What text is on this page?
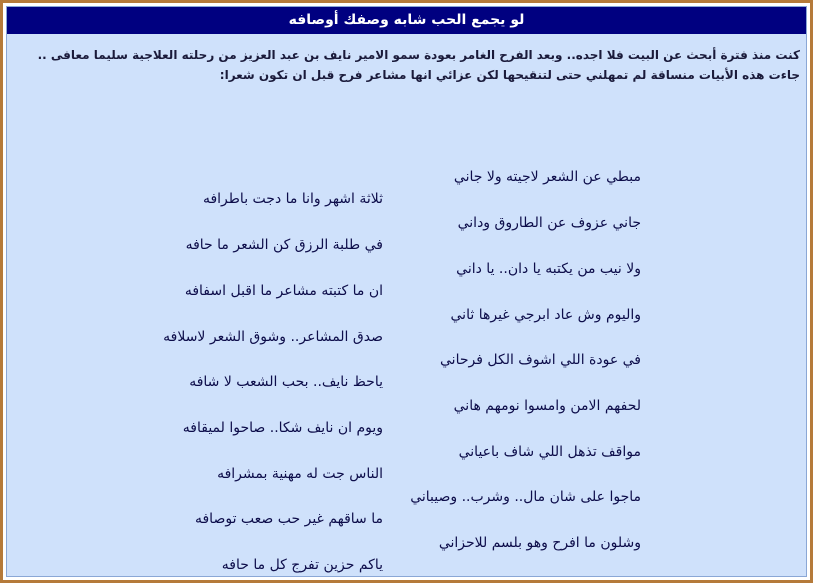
لو يجمع الحب شابه وصفك أوصافه
كنت منذ فترة أبحث عن البيت فلا اجده.. وبعد الفرح الغامر بعودة سمو الامير نايف بن عبد العزيز من رحلته العلاجية سليما معافى .. جاءت هذه الأبيات منساقة لم تمهلني حتى لتنقيحها لكن عزائي انها مشاعر فرح قبل ان تكون شعرا:
مبطي عن الشعر لاجيته ولا جاني
ثلاثة اشهر وانا ما دجت باطرافه
جاني عزوف عن الطاروق وداني
في طلبة الرزق كن الشعر ما حافه
ولا نيب من يكتبه يا دان.. يا داني
ان ما كتبته مشاعر ما اقبل اسفافه
واليوم وش عاد ابرجي غيرها ثاني
صدق المشاعر.. وشوق الشعر لاسلافه
في عودة اللي اشوف الكل فرحاني
ياحظ نايف.. بحب الشعب لا شافه
لحفهم الامن وامسوا نومهم هاني
ويوم ان نايف شكا.. صاحوا لميقافه
مواقف تذهل اللي شاف باعياني
الناس جت له مهنية بمشرافه
ماجوا على شان مال.. وشرب.. وصيباني
ما ساقهم غير حب صعب توصافه
وشلون ما افرح وهو بلسم للاحزاني
ياكم حزين تفرج كل ما حافه
